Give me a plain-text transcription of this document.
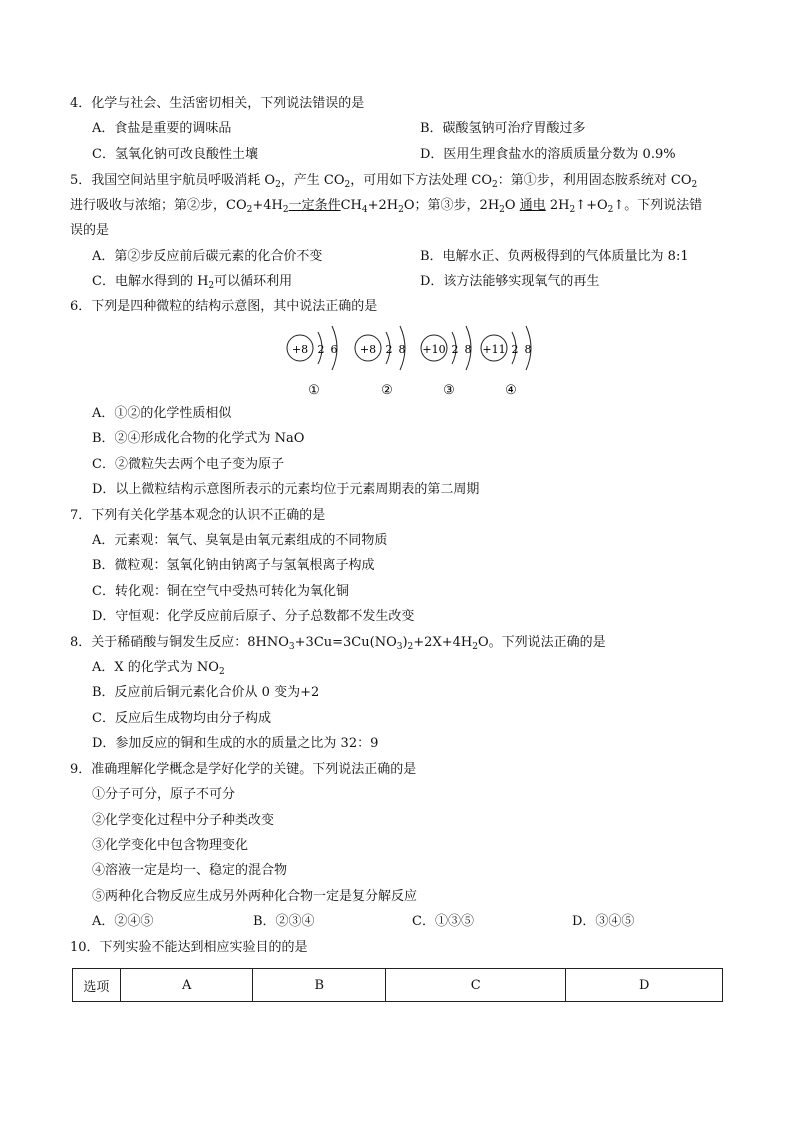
4．化学与社会、生活密切相关，下列说法错误的是
A．食盐是重要的调味品	B．碳酸氢钠可治疗胃酸过多
C．氢氧化钠可改良酸性土壤	D．医用生理食盐水的溶质质量分数为 0.9%
5．我国空间站里宇航员呼吸消耗 $O_2$，产生 $CO_2$，可用如下方法处理 $CO_2$：第①步，利用固态胺系统对 $CO_2$
进行吸收与浓缩；第②步，$CO_2+4H_2$一定条件$CH_4+2H_2O$；第③步，$2H_2O$ 通电 $2H_2↑+O_2↑$。下列说法错
误的是
A．第②步反应前后碳元素的化合价不变	B．电解水正、负两极得到的气体质量比为 8:1
C．电解水得到的 $H_2$可以循环利用	D．该方法能够实现氧气的再生
6．下列是四种微粒的结构示意图，其中说法正确的是
+8 2 6
①
+8 2 8
②
+10 2 8
③
+11 2 8
④
A．①②的化学性质相似
B．②④形成化合物的化学式为 NaO
C．②微粒失去两个电子变为原子
D．以上微粒结构示意图所表示的元素均位于元素周期表的第二周期
7．下列有关化学基本观念的认识不正确的是
A．元素观：氧气、臭氧是由氧元素组成的不同物质
B．微粒观：氢氧化钠由钠离子与氢氧根离子构成
C．转化观：铜在空气中受热可转化为氧化铜
D．守恒观：化学反应前后原子、分子总数都不发生改变
8．关于稀硝酸与铜发生反应：$8HNO_3+3Cu=3Cu(NO_3)_2+2X+4H_2O$。下列说法正确的是
A．X 的化学式为 $NO_2$
B．反应前后铜元素化合价从 0 变为+2
C．反应后生成物均由分子构成
D．参加反应的铜和生成的水的质量之比为 32：9
9．准确理解化学概念是学好化学的关键。下列说法正确的是
①分子可分，原子不可分
②化学变化过程中分子种类改变
③化学变化中包含物理变化
④溶液一定是均一、稳定的混合物
⑤两种化合物反应生成另外两种化合物一定是复分解反应
A．②④⑤	B．②③④	C．①③⑤	D．③④⑤
10．下列实验不能达到相应实验目的的是
选项	A	B	C	D
